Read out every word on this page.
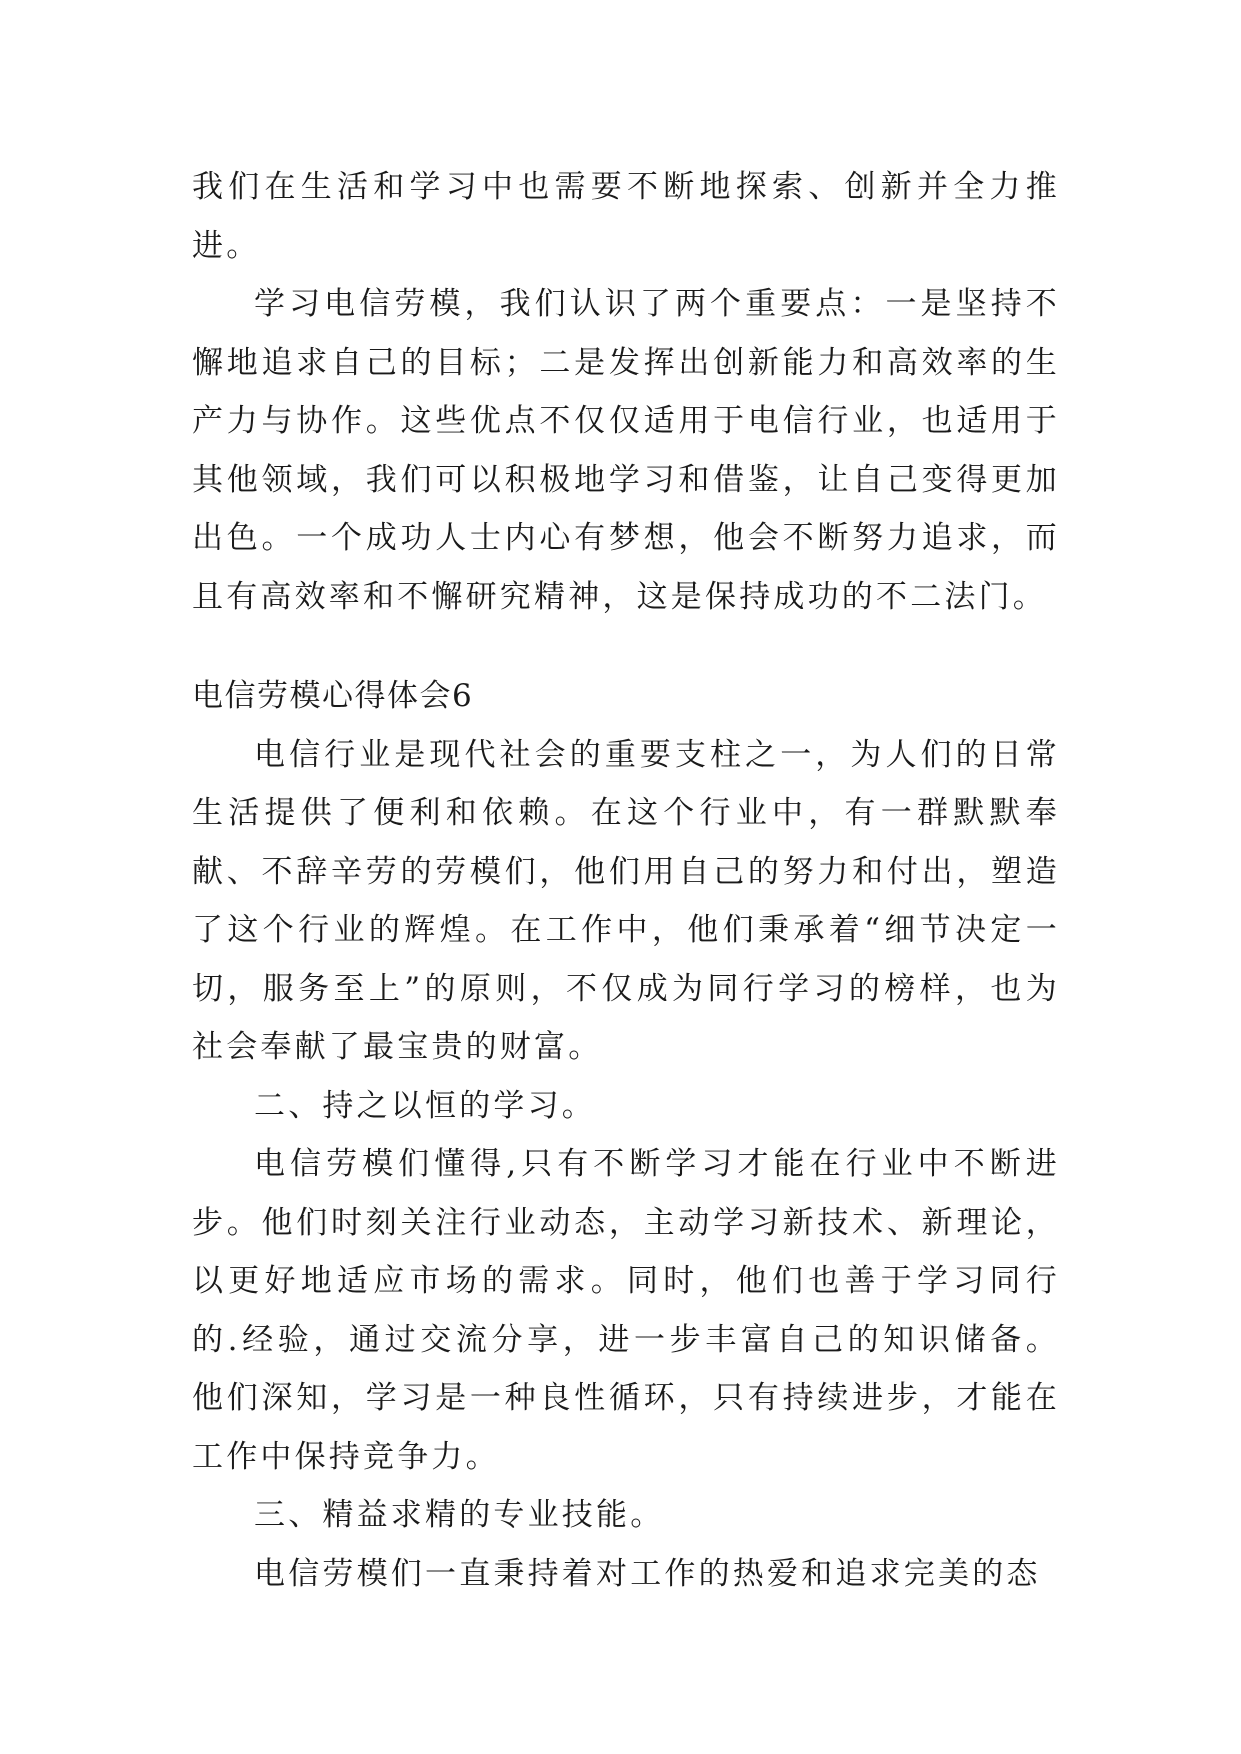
我们在生活和学习中也需要不断地探索、创新并全力推进。

学习电信劳模，我们认识了两个重要点：一是坚持不懈地追求自己的目标；二是发挥出创新能力和高效率的生产力与协作。这些优点不仅仅适用于电信行业，也适用于其他领域，我们可以积极地学习和借鉴，让自己变得更加出色。一个成功人士内心有梦想，他会不断努力追求，而且有高效率和不懈研究精神，这是保持成功的不二法门。

电信劳模心得体会6

电信行业是现代社会的重要支柱之一，为人们的日常生活提供了便利和依赖。在这个行业中，有一群默默奉献、不辞辛劳的劳模们，他们用自己的努力和付出，塑造了这个行业的辉煌。在工作中，他们秉承着“细节决定一切，服务至上”的原则，不仅成为同行学习的榜样，也为社会奉献了最宝贵的财富。

二、持之以恒的学习。

电信劳模们懂得,只有不断学习才能在行业中不断进步。他们时刻关注行业动态，主动学习新技术、新理论，以更好地适应市场的需求。同时，他们也善于学习同行的.经验，通过交流分享，进一步丰富自己的知识储备。他们深知，学习是一种良性循环，只有持续进步，才能在工作中保持竞争力。

三、精益求精的专业技能。

电信劳模们一直秉持着对工作的热爱和追求完美的态
